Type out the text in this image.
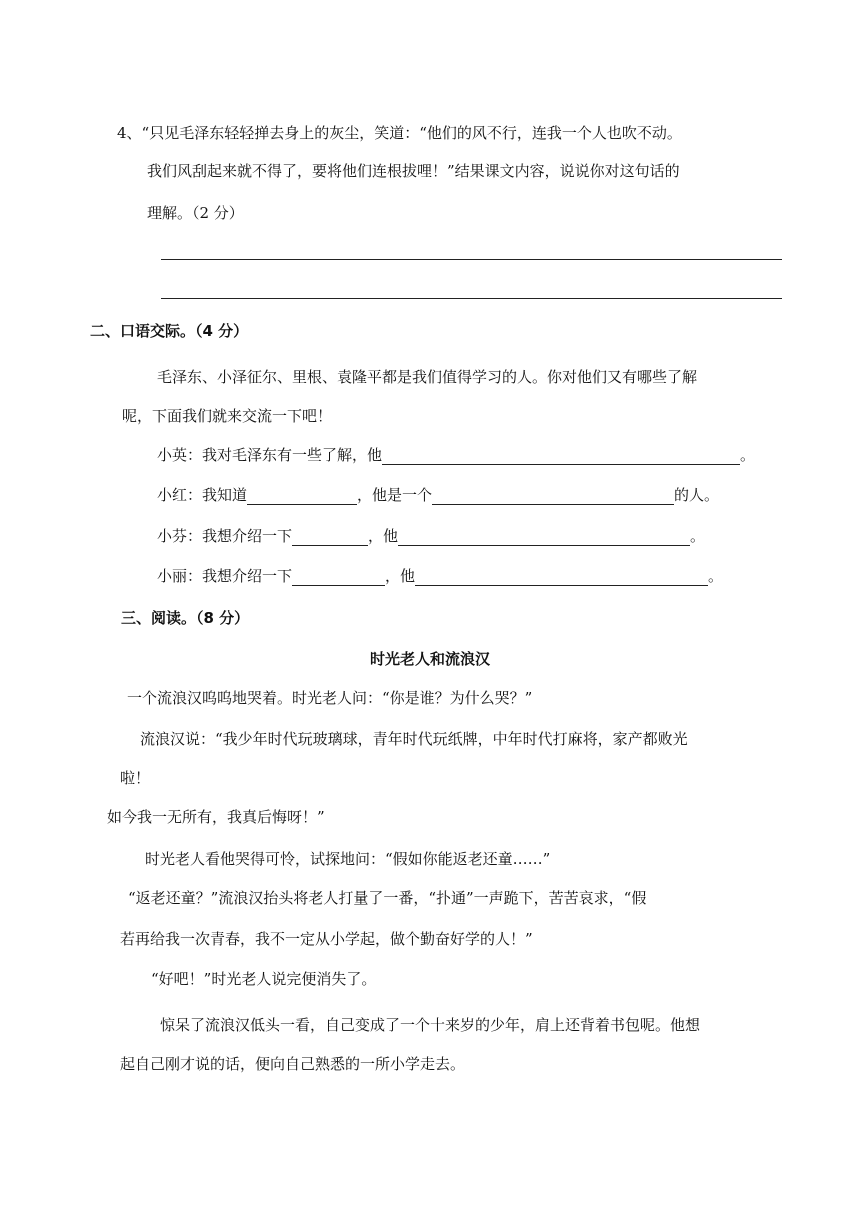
4、“只见毛泽东轻轻掸去身上的灰尘，笑道：“他们的风不行，连我一个人也吹不动。
我们风刮起来就不得了，要将他们连根拔哩！”结果课文内容，说说你对这句话的
理解。（2 分）
二、口语交际。（4 分）
毛泽东、小泽征尔、里根、袁隆平都是我们值得学习的人。你对他们又有哪些了解
呢，下面我们就来交流一下吧！
小英：我对毛泽东有一些了解，他	。
小红：我知道	，他是一个	的人。
小芬：我想介绍一下	，他	。
小丽：我想介绍一下	，他	。
三、阅读。（8 分）
时光老人和流浪汉
一个流浪汉呜呜地哭着。时光老人问：“你是谁？为什么哭？”
流浪汉说：“我少年时代玩玻璃球，青年时代玩纸牌，中年时代打麻将，家产都败光
啦！
如今我一无所有，我真后悔呀！”
时光老人看他哭得可怜，试探地问：“假如你能返老还童……”
“返老还童？”流浪汉抬头将老人打量了一番，“扑通”一声跪下，苦苦哀求，“假
若再给我一次青春，我不一定从小学起，做个勤奋好学的人！”
“好吧！”时光老人说完便消失了。
惊呆了流浪汉低头一看，自己变成了一个十来岁的少年，肩上还背着书包呢。他想
起自己刚才说的话，便向自己熟悉的一所小学走去。
